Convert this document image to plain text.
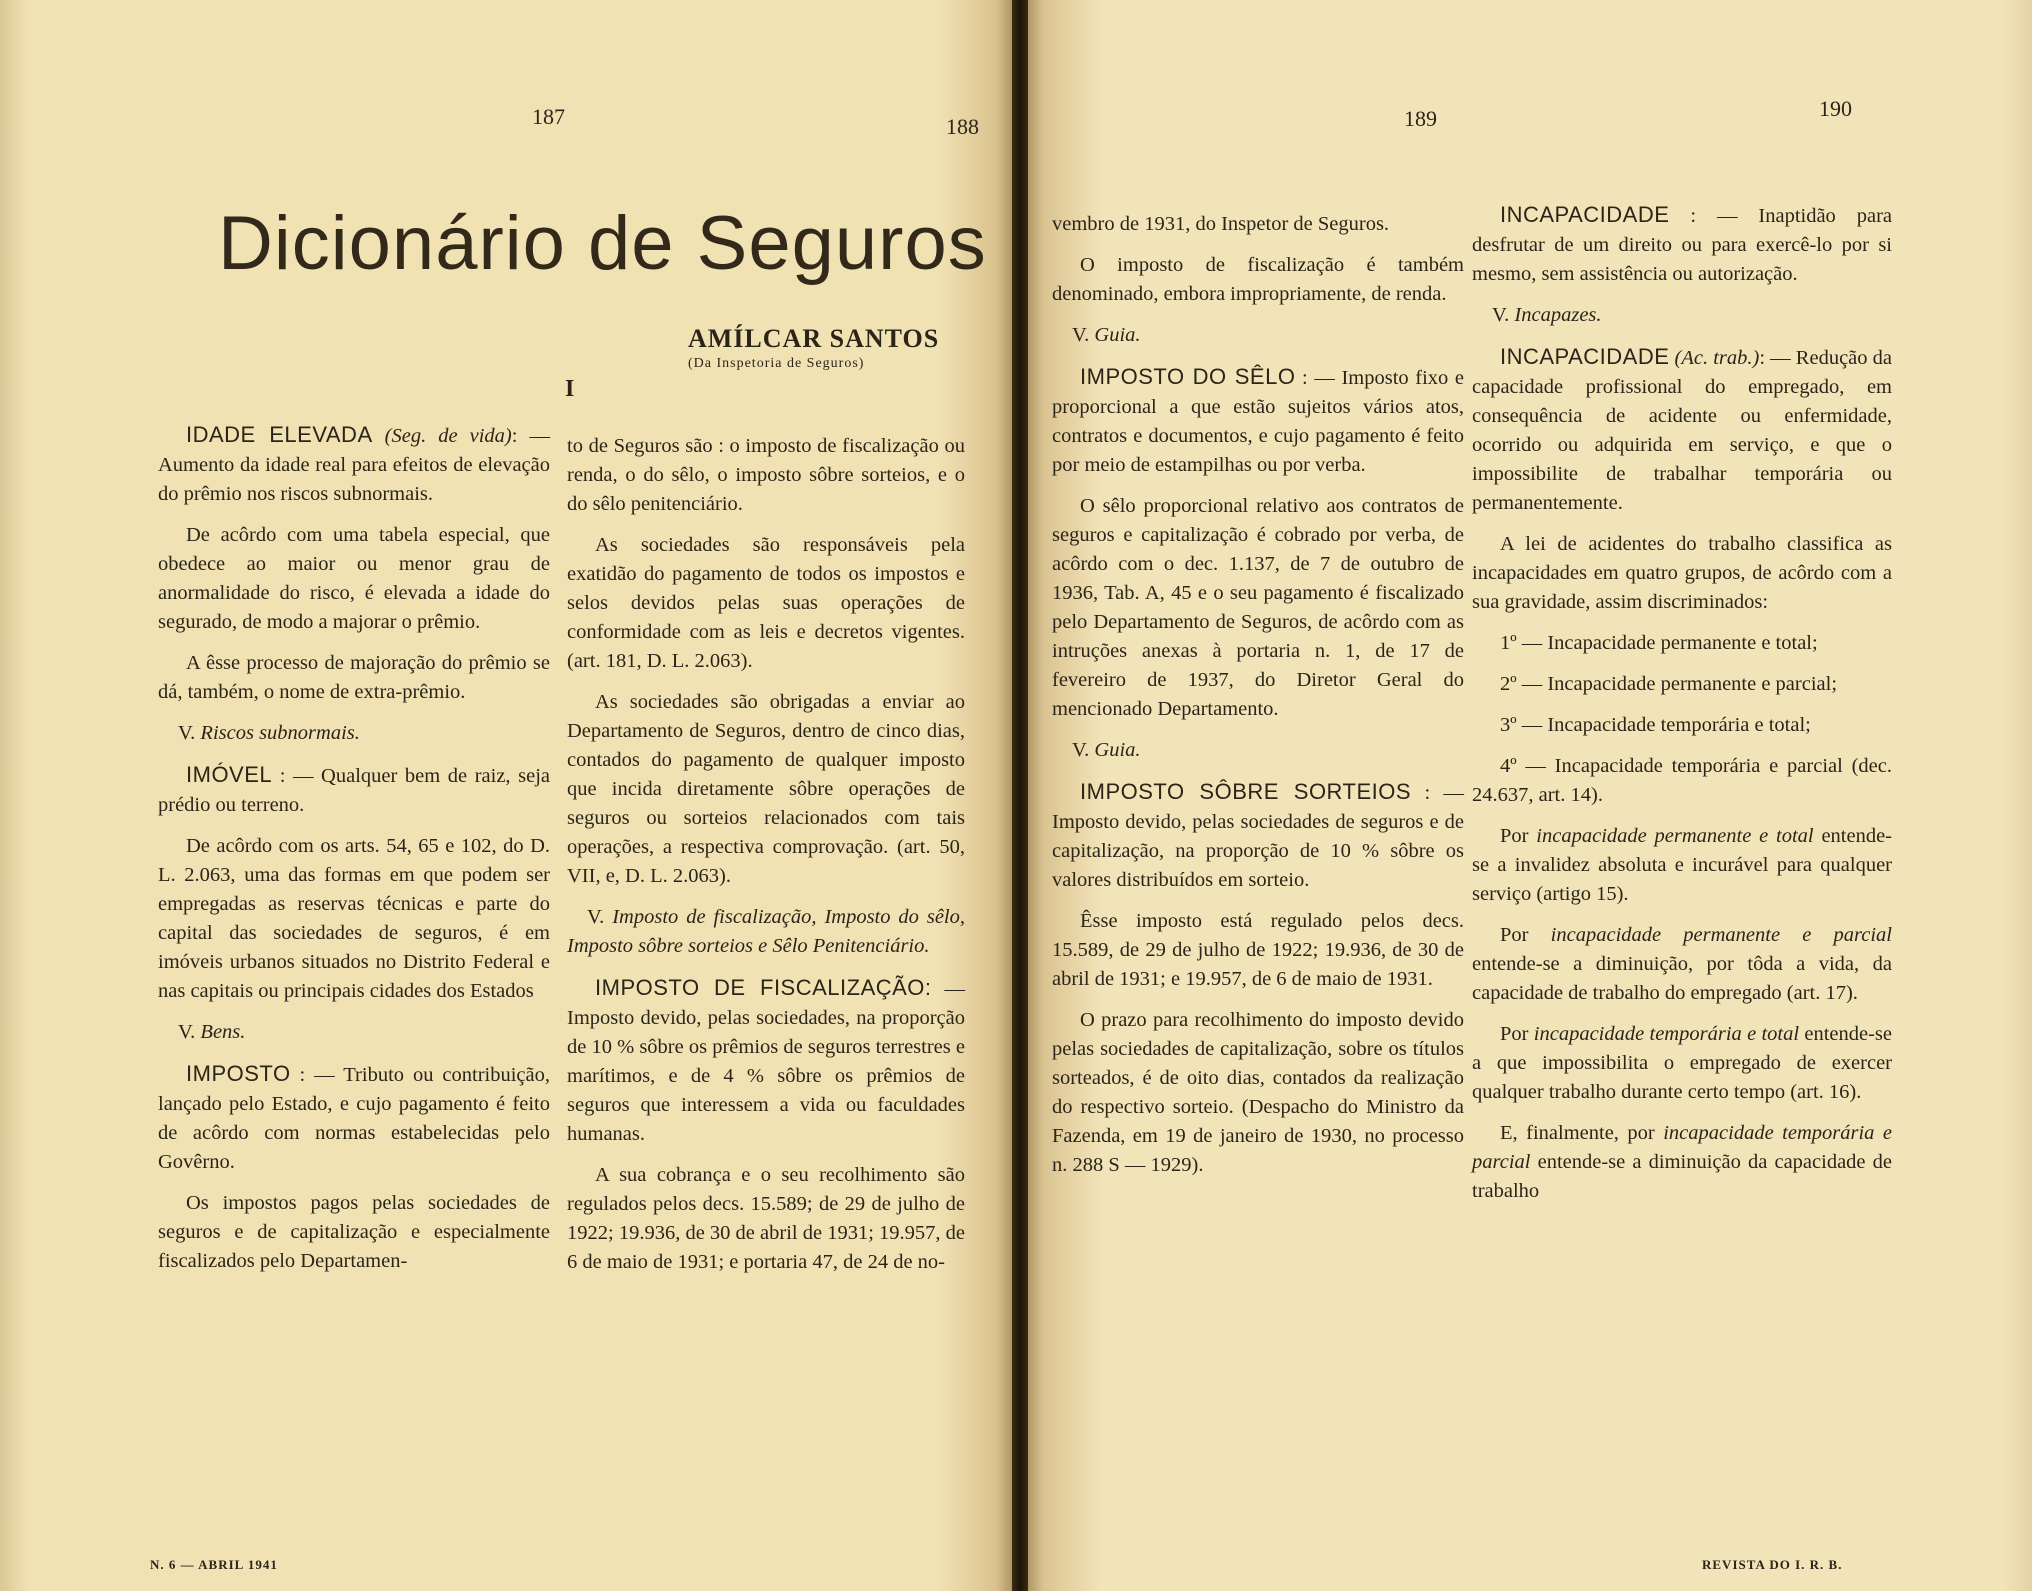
187	188
Dicionário de Seguros
AMÍLCAR SANTOS
(Da Inspetoria de Seguros)
I

IDADE ELEVADA (Seg. de vida): — Aumento da idade real para efeitos de elevação do prêmio nos riscos subnormais.

De acôrdo com uma tabela especial, que obedece ao maior ou menor grau de anormalidade do risco, é elevada a idade do segurado, de modo a majorar o prêmio.

A êsse processo de majoração do prêmio se dá, também, o nome de extra-prêmio.

V. Riscos subnormais.

IMÓVEL : — Qualquer bem de raiz, seja prédio ou terreno.

De acôrdo com os arts. 54, 65 e 102, do D. L. 2.063, uma das formas em que podem ser empregadas as reservas técnicas e parte do capital das sociedades de seguros, é em imóveis urbanos situados no Distrito Federal e nas capitais ou principais cidades dos Estados

V. Bens.

IMPOSTO : — Tributo ou contribuição, lançado pelo Estado, e cujo pagamento é feito de acôrdo com normas estabelecidas pelo Govêrno.

Os impostos pagos pelas sociedades de seguros e de capitalização e especialmente fiscalizados pelo Departamen-

to de Seguros são : o imposto de fiscalização ou renda, o do sêlo, o imposto sôbre sorteios, e o do sêlo penitenciário.

As sociedades são responsáveis pela exatidão do pagamento de todos os impostos e selos devidos pelas suas operações de conformidade com as leis e decretos vigentes. (art. 181, D. L. 2.063).

As sociedades são obrigadas a enviar ao Departamento de Seguros, dentro de cinco dias, contados do pagamento de qualquer imposto que incida diretamente sôbre operações de seguros ou sorteios relacionados com tais operações, a respectiva comprovação. (art. 50, VII, e, D. L. 2.063).

V. Imposto de fiscalização, Imposto do sêlo, Imposto sôbre sorteios e Sêlo Penitenciário.

IMPOSTO DE FISCALIZAÇÃO: — Imposto devido, pelas sociedades, na proporção de 10 % sôbre os prêmios de seguros terrestres e marítimos, e de 4 % sôbre os prêmios de seguros que interessem a vida ou faculdades humanas.

A sua cobrança e o seu recolhimento são regulados pelos decs. 15.589; de 29 de julho de 1922; 19.936, de 30 de abril de 1931; 19.957, de 6 de maio de 1931; e portaria 47, de 24 de no-

N. 6 — ABRIL 1941
189	190

vembro de 1931, do Inspetor de Seguros.

O imposto de fiscalização é também denominado, embora impropriamente, de renda.

V. Guia.

IMPOSTO DO SÊLO : — Imposto fixo e proporcional a que estão sujeitos vários atos, contratos e documentos, e cujo pagamento é feito por meio de estampilhas ou por verba.

O sêlo proporcional relativo aos contratos de seguros e capitalização é cobrado por verba, de acôrdo com o dec. 1.137, de 7 de outubro de 1936, Tab. A, 45 e o seu pagamento é fiscalizado pelo Departamento de Seguros, de acôrdo com as intruções anexas à portaria n. 1, de 17 de fevereiro de 1937, do Diretor Geral do mencionado Departamento.

V. Guia.

IMPOSTO SÔBRE SORTEIOS : — Imposto devido, pelas sociedades de seguros e de capitalização, na proporção de 10 % sôbre os valores distribuídos em sorteio.

Êsse imposto está regulado pelos decs. 15.589, de 29 de julho de 1922; 19.936, de 30 de abril de 1931; e 19.957, de 6 de maio de 1931.

O prazo para recolhimento do imposto devido pelas sociedades de capitalização, sobre os títulos sorteados, é de oito dias, contados da realização do respectivo sorteio. (Despacho do Ministro da Fazenda, em 19 de janeiro de 1930, no processo n. 288 S — 1929).

INCAPACIDADE : — Inaptidão para desfrutar de um direito ou para exercê-lo por si mesmo, sem assistência ou autorização.

V. Incapazes.

INCAPACIDADE (Ac. trab.): — Redução da capacidade profissional do empregado, em consequência de acidente ou enfermidade, ocorrido ou adquirida em serviço, e que o impossibilite de trabalhar temporária ou permanentemente.

A lei de acidentes do trabalho classifica as incapacidades em quatro grupos, de acôrdo com a sua gravidade, assim discriminados:

1º — Incapacidade permanente e total;

2º — Incapacidade permanente e parcial;

3º — Incapacidade temporária e total;

4º — Incapacidade temporária e parcial (dec. 24.637, art. 14).

Por incapacidade permanente e total entende-se a invalidez absoluta e incurável para qualquer serviço (artigo 15).

Por incapacidade permanente e parcial entende-se a diminuição, por tôda a vida, da capacidade de trabalho do empregado (art. 17).

Por incapacidade temporária e total entende-se a que impossibilita o empregado de exercer qualquer trabalho durante certo tempo (art. 16).

E, finalmente, por incapacidade temporária e parcial entende-se a diminuição da capacidade de trabalho

REVISTA DO I. R. B.
